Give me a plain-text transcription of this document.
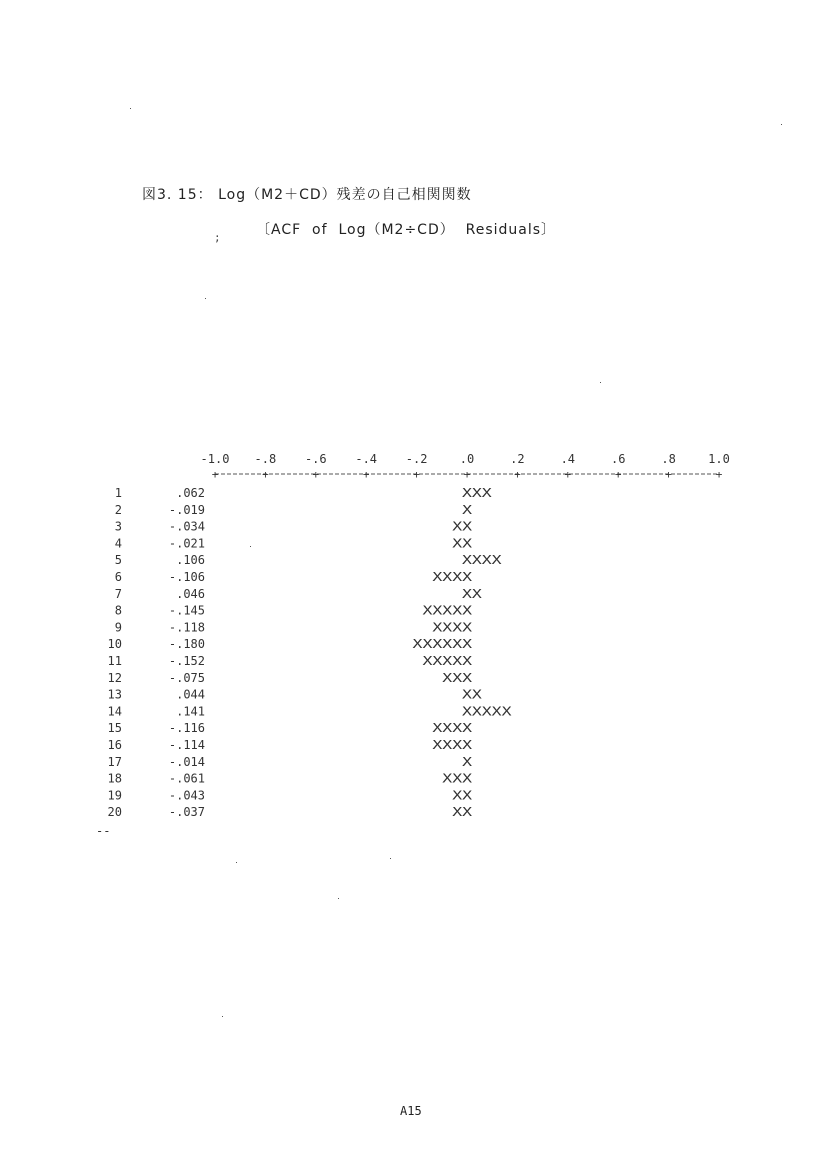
図3. 15： Log（M2＋CD）残差の自己相関関数
;	〔ACF  of  Log（M2÷CD）  Residuals〕
-1.0 -.8 -.6 -.4 -.2	.0	.2	.4	.6	.8	1.0
+	+	+	+	+	+	+	+	+	+	+
1	.062	XXX
2	-.019	X
3	-.034	XX
4	-.021	XX
5	.106	XXXX
6	-.106	XXXX
7	.046	XX
8	-.145	XXXXX
9	-.118	XXXX
10	-.180	XXXXXX
11	-.152	XXXXX
12	-.075	XXX
13	.044	XX
14	.141	XXXXX
15	-.116	XXXX
16	-.114	XXXX
17	-.014	X
18	-.061	XXX
19	-.043	XX
20	-.037	XX
--
A15
